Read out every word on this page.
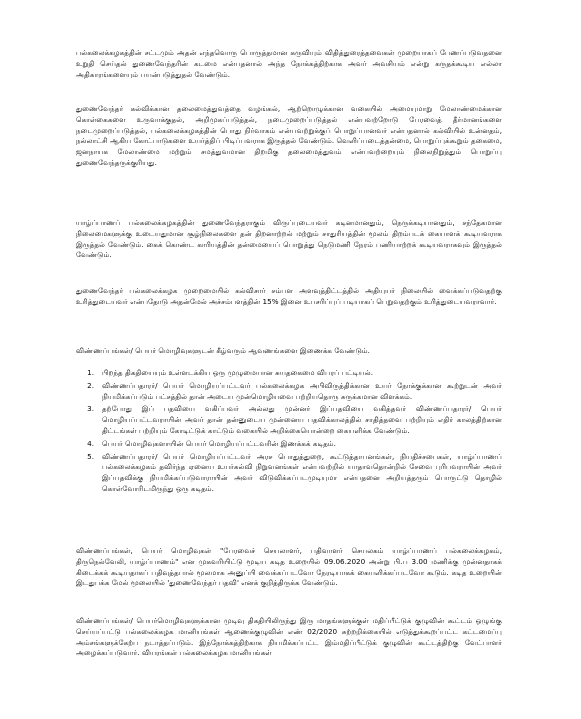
பல்கலைக்கழகத்தின் சட்டமும் அதன் எந்தவொரு பொருத்தமான கருவியும் விதித்துரைத்தவைகள் முறையாகப் பேணப்படுவதனை உறுதி செய்தல் துணைவேந்தரின் கடமை என்பதனால் அந்த நோக்கத்திற்காக அவர் அவசியம் என்று கருதக்கூடிய எல்லா அதிகாரங்களையும் பயன்படுத்துதல் வேண்டும்.

துணைவேந்தர் கல்விக்கான தலைமைத்துவத்தை வழங்கல், ஆற்றொழுக்கான வகையில் அமையுமாறு மேலாண்மைக்கான கொள்கைகளை உருவாக்குதல், அறிமுகப்படுத்தல், நடைமுறைப்படுத்தல் என்பவற்றோடு பேரவைத் தீர்மானங்களை நடைமுறைப்படுத்தல், பல்கலைக்கழகத்தின் பொது நிர்வாகம் என்பவற்றுக்குப் பொறுப்பானவர் என்பதனால் கல்வியில் உன்னதம், நல்லாட்சி ஆகிய கோட்பாடுகளை உயர்த்திப் பிடிப்பவராக இருத்தல் வேண்டும். வெளிப்படைத்தன்மை, பொறுப்புக்கூறும் தகைமை, ஜனநாயக மேலாண்மை மற்றும் சமத்துவமான திறமிகு தலைமைத்துவம் என்பவற்றையும் நிலைநிறுத்தும் பொறுப்பு துணைவேந்தருக்குரியது.

யாழ்ப்பாணப் பல்கலைக்கழகத்தின் துணைவேந்தராகும் விருப்புடையவர் கடினமானதும், நெருக்கடியானதும், சந்தேகமான நிலைமைகளுக்கு உடையதுமான சூழ்நிலைகளை தன் திறனாற்றல் மற்றும் சாதுரியத்தின் மூலம் திறம்படக் கையாளக் கூடியவராக இருத்தல் வேண்டும். கைக் கொண்ட காரியத்தின் தன்மையைப் பொறுத்து நெடுமணி நேரம் பணியாற்றக் கூடியவராகவும் இருத்தல் வேண்டும்.

துணைவேந்தர் பல்கலைக்கழக முறைமையில் கல்விசார் சம்பள அளவுத்திட்டத்தில் அதியுயர் நிலையில் வைக்கப்படுவதற்கு உரித்துடையவர் என்பதோடு அதன்மேல் அச்சம்பளத்தின் 15% இனை உபசரிப்புப் படியாகப் பெறுவதற்கும் உரித்துடையவராவார்.

விண்ணப்பங்கள்/ பெயர் மொழிவுகளுடன் கீழ்வரும் ஆவணங்களை இணைக்க வேண்டும்.

1.	பிறந்த திகதியையும் உள்ளடக்கிய ஒரு முழுமையான சுயதகைமை விபரப் பட்டியல்.
2.	விண்ணப்பதாரர்/ பெயர் மொழியப்பட்டவர் பல்கலைக்கழக அபிவிருத்திக்கான உயர் நோக்குக்கான கூற்றுடன் அவர் நியமிக்கப்படும் பட்சத்தில் தான் அடைய முன்மொழியவை பற்றியதொரு சுருக்கமான விளக்கம்.
3.	தற்போது இப் பதவியை வகிப்பவர் அல்லது முன்னர் இப்பதவியை வகித்தவர் விண்ணப்பதாரர்/ பெயர் மொழியப்பட்டவராயின் அவர் தான் தன்னுடைய முன்னைய பதவிக்காலத்தில் சாதித்தவை பற்றியும் எதிர் காலத்திற்கான திட்டங்கள் பற்றியும் கோடிட்டுக் காட்டும் வகையில் அறிக்கையொன்றை கையளிக்க வேண்டும்.
4.	பெயர் மொழிவுகளாயின் பெயர் மொழியப்பட்டவரின் இணக்கக் கடிதம்.
5.	விண்ணப்பதாரர்/ பெயர் மொழியப்பட்டவர் அரச பொதுத்துறை, கூட்டுத்தாபனங்கள், நியதிச்சபைகள், யாழ்ப்பாணப் பல்கலைக்கழகம் தவிர்ந்த ஏனைய உயர்கல்வி நிறுவனங்கள் என்பவற்றில் யாதாவதொன்றில் சேவை புரிபவராயின் அவர் இப்பதவிக்கு நியமிக்கப்படுவாராயின் அவர் விடுவிக்கப்படமுடியுமா என்பதனை அறியத்தரும் பொருட்டு தொழில் கொள்வோரிடமிருந்து ஒரு கடிதம்.

விண்ணப்பங்கள், பெயர் மொழிவுகள் "பேரவைச் செயலாளர், பதிவாளர் செயலகம் யாழ்ப்பாணப் பல்கலைக்கழகம், திருநெல்வேலி, யாழ்ப்பாணம்" என முகவரியிட்டு மூடிய கடித உறையில் 09.06.2020 அன்று பி.ப 3.00 மணிக்கு முன்னதாகக் கிடைக்கக் கூடியதாகப் பதிவுத்தபால் மூலமாக அனுப்பி வைக்கப்படவோ நேரடியாகக் கையளிக்கப்படவோ கூடும். கடித உறையின் இடதுபக்க மேல் மூலையில் 'துணைவேந்தர் பதவி' எனக் குறித்திருக்க வேண்டும்.

விண்ணப்பங்கள்/ பெயர்மொழிவுகளுக்கான முடிவு திகதியிலிருந்து இரு மாதங்களுக்குள் மதிப்பீட்டுக் குழுவின் கூட்டம் ஒழுங்கு செய்யப்பட்டு பல்கலைக்கழக மானியங்கள் ஆணைக்குழுவின் எண் 02/2020 சுற்றறிக்கையில் எடுத்துக்கூறப்பட்ட கட்டமைப்பு அம்சங்களுக்கேற்ப நடாத்தப்படும். இந்நோக்கத்திற்காக நியமிக்கப்பட்ட இம்மதிப்பீட்டுக் குழுவின் கூட்டத்திற்கு வேட்பாளர் அழைக்கப்படுவார். வியரங்கள் பல்கலைக்கழக மானியங்கள்
